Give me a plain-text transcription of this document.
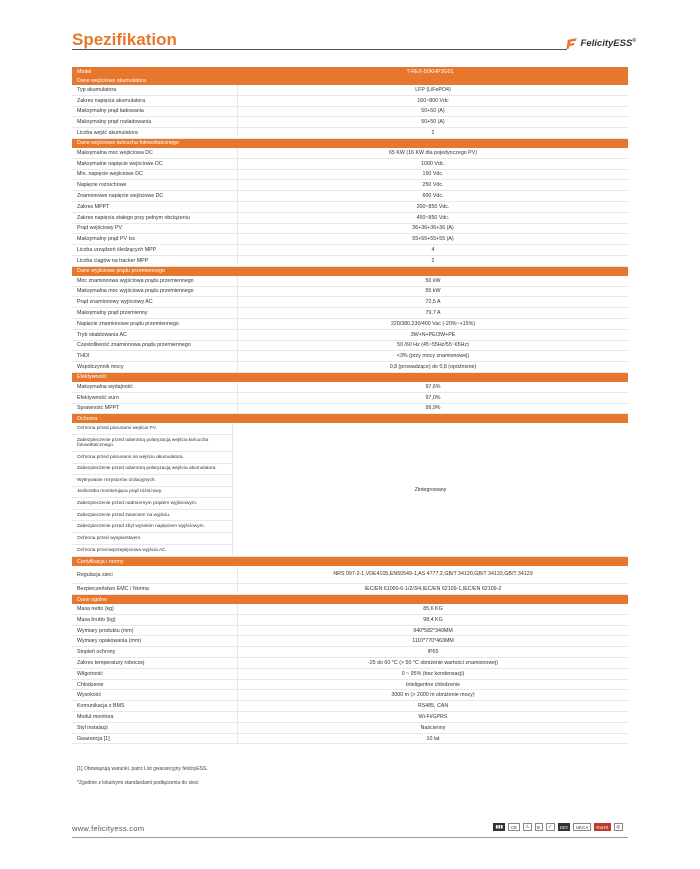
Spezifikation	FelicityESS®
Model	T-REX-50KHP3G01
Dane wejściowe akumulatora
Typ akumulatora	LFP (LiFePO4)
Zakres napięcia akumulatora	160~800 Vdc
Maksymalny prąd ładowania	50+50 (A)
Maksymalny prąd rozładowania	50+50 (A)
Liczba wejść akumulatora	2
Dane wejściowe łańcucha fotowoltaicznego
Maksymalna moc wejściowa DC	65 KW (16 KW dla pojedynczego PV)
Maksymalne napięcie wejściowe DC	1000 Vdc.
Min. napięcie wejściowe DC	150 Vdc.
Napięcie rozruchowe	250 Vdc.
Znamionowe napięcie wejściowe DC	600 Vdc.
Zakres MPPT	200~850 Vdc.
Zakres napięcia stałego przy pełnym obciążeniu	450~850 Vdc.
Prąd wejściowy PV	36+36+36+36 (A)
Maksymalny prąd PV Isc	55+55+55+55 (A)
Liczba urządzeń śledzących MPP	4
Liczba ciągów na tracker MPP	2
Dane wyjściowe prądu przemiennego
Moc znamionowa wyjściowa prądu przemiennego	50 kW
Maksymalna moc wyjściowa prądu przemiennego	55 kW
Prąd znamionowy wyjściowy AC	72,5 A
Maksymalny prąd przemienny	79,7 A
Napięcie znamionowe prądu przemiennego	220/380,230/400 Vac (-20%~+15%)
Tryb okablowania AC	3W+N+PE/3W+PE
Częstotliwość znamionowa prądu przemiennego	50 /60 Hz (45~55Hz/55~65Hz)
THDI	<3% (przy mocy znamionowej)
Współczynnik mocy	0,8 (prowadzące) do 0,8 (opóźnione)
Efektywność
Maksymalna wydajność	97,6%
Efektywność euro	97,0%
Sprawność MPPT	99,9%
Ochrona
Ochrona przed piorunami wejścia PV.
Zabezpieczenie przed odwrotną polaryzacją wejścia łańcucha fotowoltaicznego.
Ochrona przed piorunami na wejściu akumulatora.
Zabezpieczenie przed odwrotną polaryzacją wejścia akumulatora.
Wykrywanie rezystorów izolacyjnych.
Jednostka monitorująca prąd różnicowy.
Zabezpieczenie przed nadmiernym prądem wyjściowym.
Zabezpieczenie przed zwarciem na wyjściu.
Zabezpieczenie przed zbyt wysokim napięciem wyjściowym.
Ochrona przed wyspiarstwem.
Ochrona przeciwprzepięciowa wyjścia AC.
Zintegrowany
Certyfikacja i normy
Regulacja sieci	NRS 097-2-1,VDE4105,EN50549-1,AS 4777.2,GB/T 34120,GB/T 34133,GB/T 34129
Bezpieczeństwo EMC / Norma	IEC/EN 61000-6-1/2/3/4,IEC/EN 62109-1,IEC/EN 62109-2
Dane ogólne
Masa netto (kg)	85,6 KG
Masa brutto (kg)	98,4 KG
Wymiary produktu (mm)	940*582*340MM
Wymiary opakowania (mm)	1110*770*463MM
Stopień ochrony	IP65
Zakres temperatury roboczej	-25 do 60 °C (> 50 °C obniżenie wartości znamionowej)
Wilgotność	0 ~ 95% (bez kondensacji)
Chłodzenie	Inteligentne chłodzenie
Wysokość	3000 m (> 2000 m obniżenie mocy)
Komunikacja z BMS	RS485, CAN
Moduł monitora	Wi-Fi/GPRS
Styl instalacji	Naścienny
Gwarancja [1]	10 lat
[1] Obowiązują warunki, patrz List gwarancyjny felicityESS.
*Zgodnie z lokalnymi standardami podłączenia do sieci
www.felicityess.com	▮▮▮	CE	⚠	E	✓	ISO	UKCA	RoHS	◎
